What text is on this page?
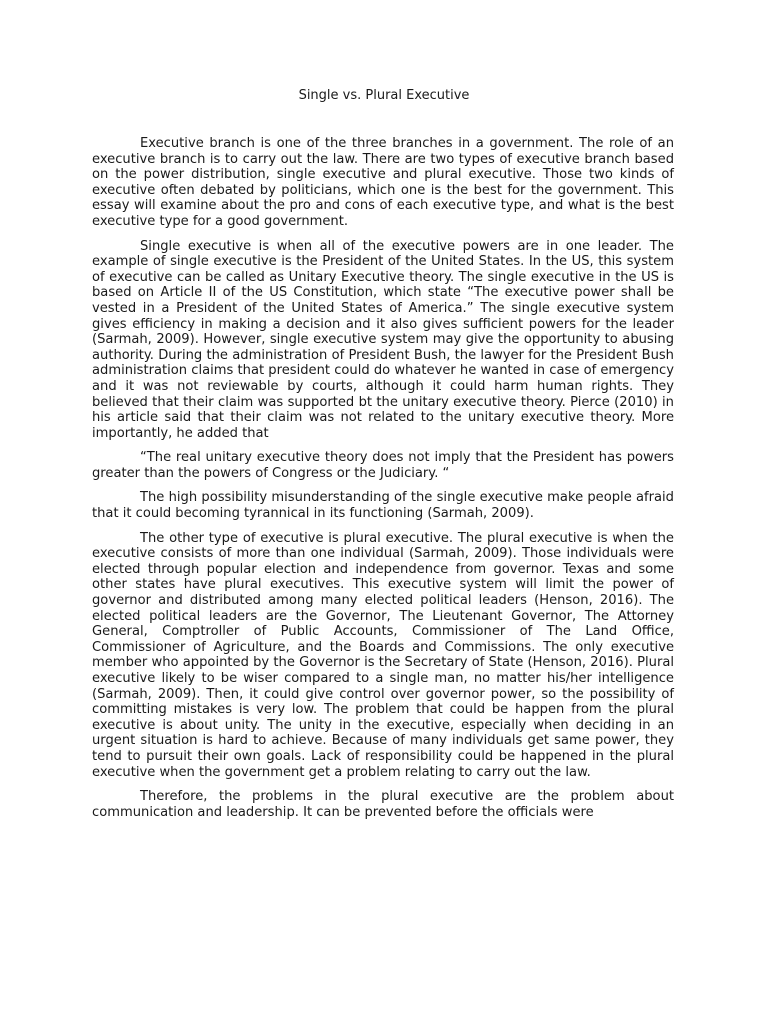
Single vs. Plural Executive

Executive branch is one of the three branches in a government. The role of an executive branch is to carry out the law. There are two types of executive branch based on the power distribution, single executive and plural executive. Those two kinds of executive often debated by politicians, which one is the best for the government. This essay will examine about the pro and cons of each executive type, and what is the best executive type for a good government.

Single executive is when all of the executive powers are in one leader. The example of single executive is the President of the United States. In the US, this system of executive can be called as Unitary Executive theory. The single executive in the US is based on Article II of the US Constitution, which state “The executive power shall be vested in a President of the United States of America.” The single executive system gives efficiency in making a decision and it also gives sufficient powers for the leader (Sarmah, 2009). However, single executive system may give the opportunity to abusing authority. During the administration of President Bush, the lawyer for the President Bush administration claims that president could do whatever he wanted in case of emergency and it was not reviewable by courts, although it could harm human rights. They believed that their claim was supported bt the unitary executive theory. Pierce (2010) in his article said that their claim was not related to the unitary executive theory. More importantly, he added that

“The real unitary executive theory does not imply that the President has powers greater than the powers of Congress or the Judiciary. “

The high possibility misunderstanding of the single executive make people afraid that it could becoming tyrannical in its functioning (Sarmah, 2009).

The other type of executive is plural executive. The plural executive is when the executive consists of more than one individual (Sarmah, 2009). Those individuals were elected through popular election and independence from governor. Texas and some other states have plural executives. This executive system will limit the power of governor and distributed among many elected political leaders (Henson, 2016). The elected political leaders are the Governor, The Lieutenant Governor, The Attorney General, Comptroller of Public Accounts, Commissioner of The Land Office, Commissioner of Agriculture, and the Boards and Commissions. The only executive member who appointed by the Governor is the Secretary of State (Henson, 2016). Plural executive likely to be wiser compared to a single man, no matter his/her intelligence (Sarmah, 2009). Then, it could give control over governor power, so the possibility of committing mistakes is very low. The problem that could be happen from the plural executive is about unity. The unity in the executive, especially when deciding in an urgent situation is hard to achieve. Because of many individuals get same power, they tend to pursuit their own goals. Lack of responsibility could be happened in the plural executive when the government get a problem relating to carry out the law.

Therefore, the problems in the plural executive are the problem about communication and leadership. It can be prevented before the officials were
